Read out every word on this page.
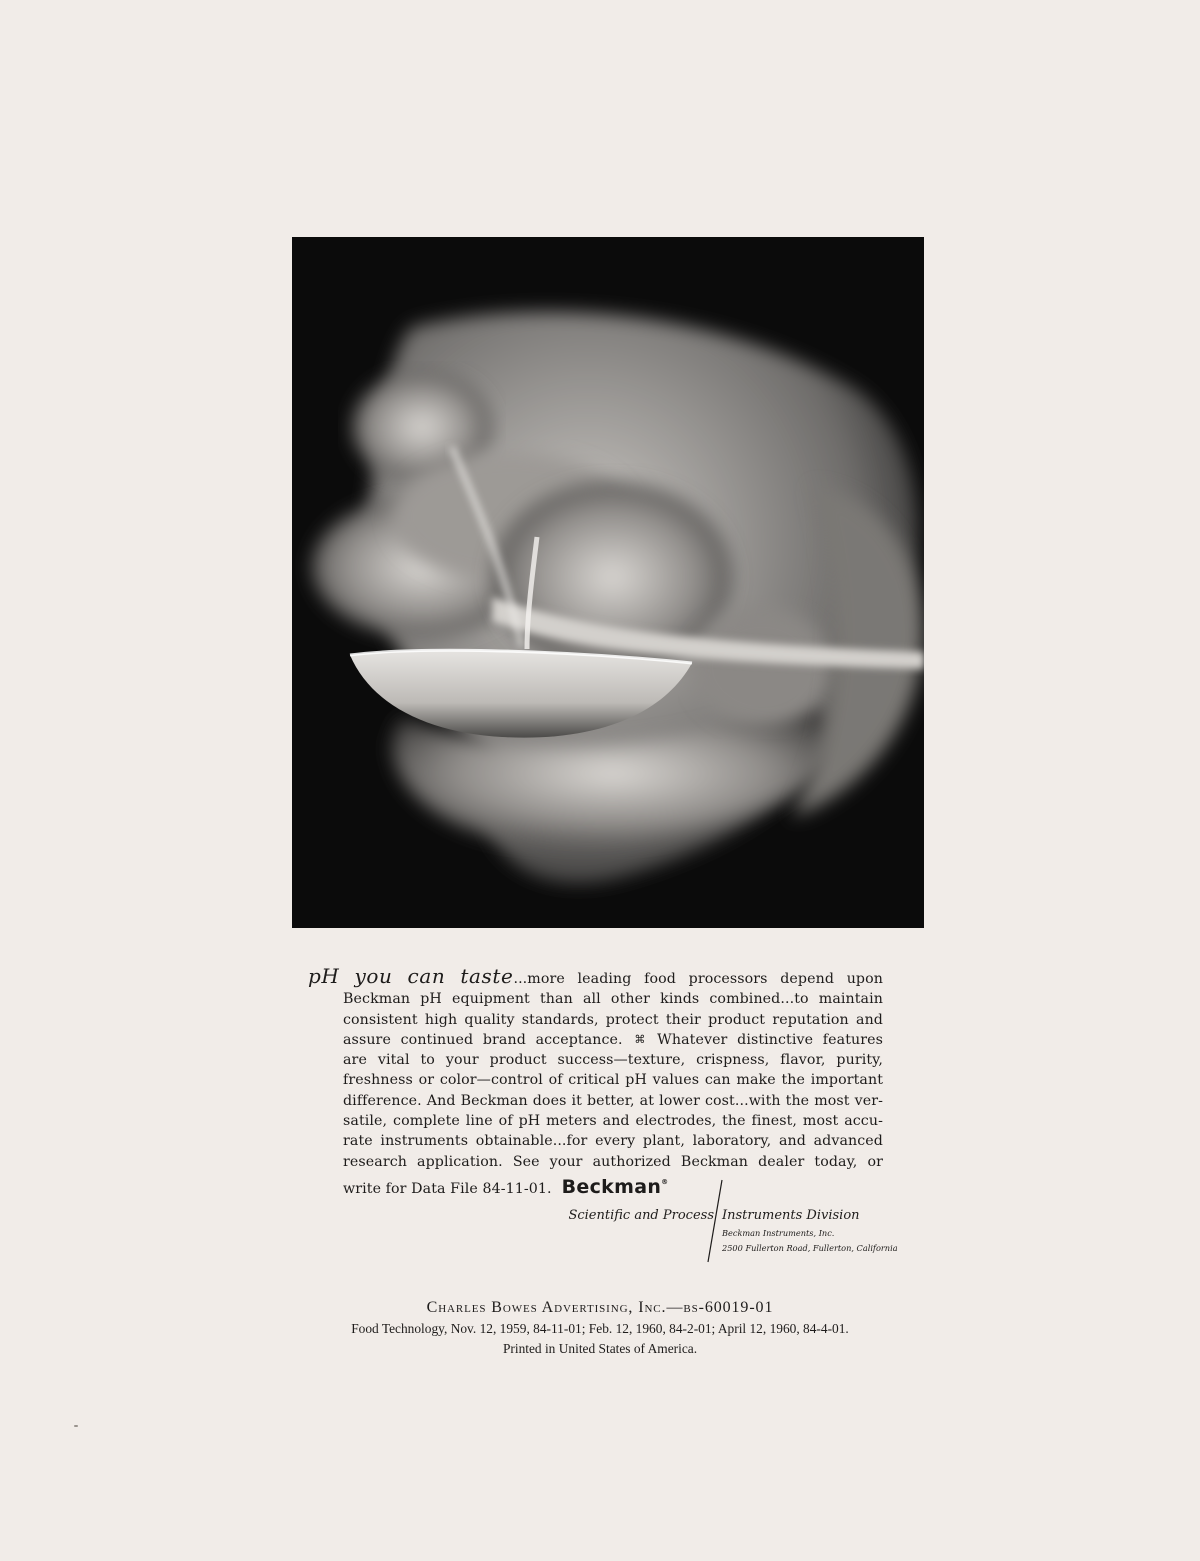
pH you can taste...more leading food processors depend upon
Beckman pH equipment than all other kinds combined...to maintain
consistent high quality standards, protect their product reputation and
assure continued brand acceptance. ⌘ Whatever distinctive features
are vital to your product success—texture, crispness, flavor, purity,
freshness or color—control of critical pH values can make the important
difference. And Beckman does it better, at lower cost...with the most ver-
satile, complete line of pH meters and electrodes, the finest, most accu-
rate instruments obtainable...for every plant, laboratory, and advanced
research application. See your authorized Beckman dealer today, or
write for Data File 84-11-01. Beckman®
Scientific and Process Instruments Division
Beckman Instruments, Inc.
2500 Fullerton Road, Fullerton, California
Charles Bowes Advertising, Inc.—bs-60019-01
Food Technology, Nov. 12, 1959, 84-11-01; Feb. 12, 1960, 84-2-01; April 12, 1960, 84-4-01.
Printed in United States of America.
